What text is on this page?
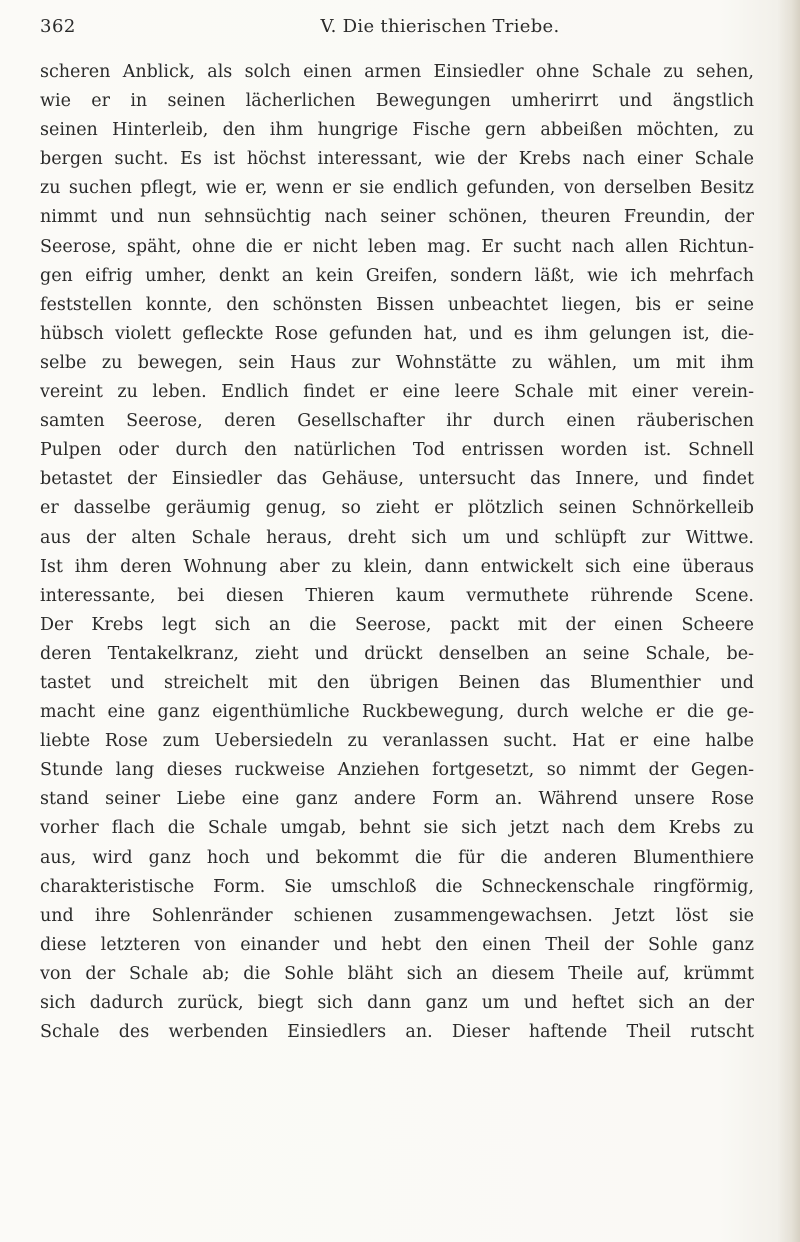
362	V. Die thierischen Triebe.
scheren Anblick, als solch einen armen Einsiedler ohne Schale zu sehen,
wie er in seinen lächerlichen Bewegungen umherirrt und ängstlich
seinen Hinterleib, den ihm hungrige Fische gern abbeißen möchten, zu
bergen sucht. Es ist höchst interessant, wie der Krebs nach einer Schale
zu suchen pflegt, wie er, wenn er sie endlich gefunden, von derselben Besitz
nimmt und nun sehnsüchtig nach seiner schönen, theuren Freundin, der
Seerose, späht, ohne die er nicht leben mag. Er sucht nach allen Richtun-
gen eifrig umher, denkt an kein Greifen, sondern läßt, wie ich mehrfach
feststellen konnte, den schönsten Bissen unbeachtet liegen, bis er seine
hübsch violett gefleckte Rose gefunden hat, und es ihm gelungen ist, die-
selbe zu bewegen, sein Haus zur Wohnstätte zu wählen, um mit ihm
vereint zu leben. Endlich findet er eine leere Schale mit einer verein-
samten Seerose, deren Gesellschafter ihr durch einen räuberischen
Pulpen oder durch den natürlichen Tod entrissen worden ist. Schnell
betastet der Einsiedler das Gehäuse, untersucht das Innere, und findet
er dasselbe geräumig genug, so zieht er plötzlich seinen Schnörkelleib
aus der alten Schale heraus, dreht sich um und schlüpft zur Wittwe.
Ist ihm deren Wohnung aber zu klein, dann entwickelt sich eine überaus
interessante, bei diesen Thieren kaum vermuthete rührende Scene.
Der Krebs legt sich an die Seerose, packt mit der einen Scheere
deren Tentakelkranz, zieht und drückt denselben an seine Schale, be-
tastet und streichelt mit den übrigen Beinen das Blumenthier und
macht eine ganz eigenthümliche Ruckbewegung, durch welche er die ge-
liebte Rose zum Uebersiedeln zu veranlassen sucht. Hat er eine halbe
Stunde lang dieses ruckweise Anziehen fortgesetzt, so nimmt der Gegen-
stand seiner Liebe eine ganz andere Form an. Während unsere Rose
vorher flach die Schale umgab, behnt sie sich jetzt nach dem Krebs zu
aus, wird ganz hoch und bekommt die für die anderen Blumenthiere
charakteristische Form. Sie umschloß die Schneckenschale ringförmig,
und ihre Sohlenränder schienen zusammengewachsen. Jetzt löst sie
diese letzteren von einander und hebt den einen Theil der Sohle ganz
von der Schale ab; die Sohle bläht sich an diesem Theile auf, krümmt
sich dadurch zurück, biegt sich dann ganz um und heftet sich an der
Schale des werbenden Einsiedlers an. Dieser haftende Theil rutscht
